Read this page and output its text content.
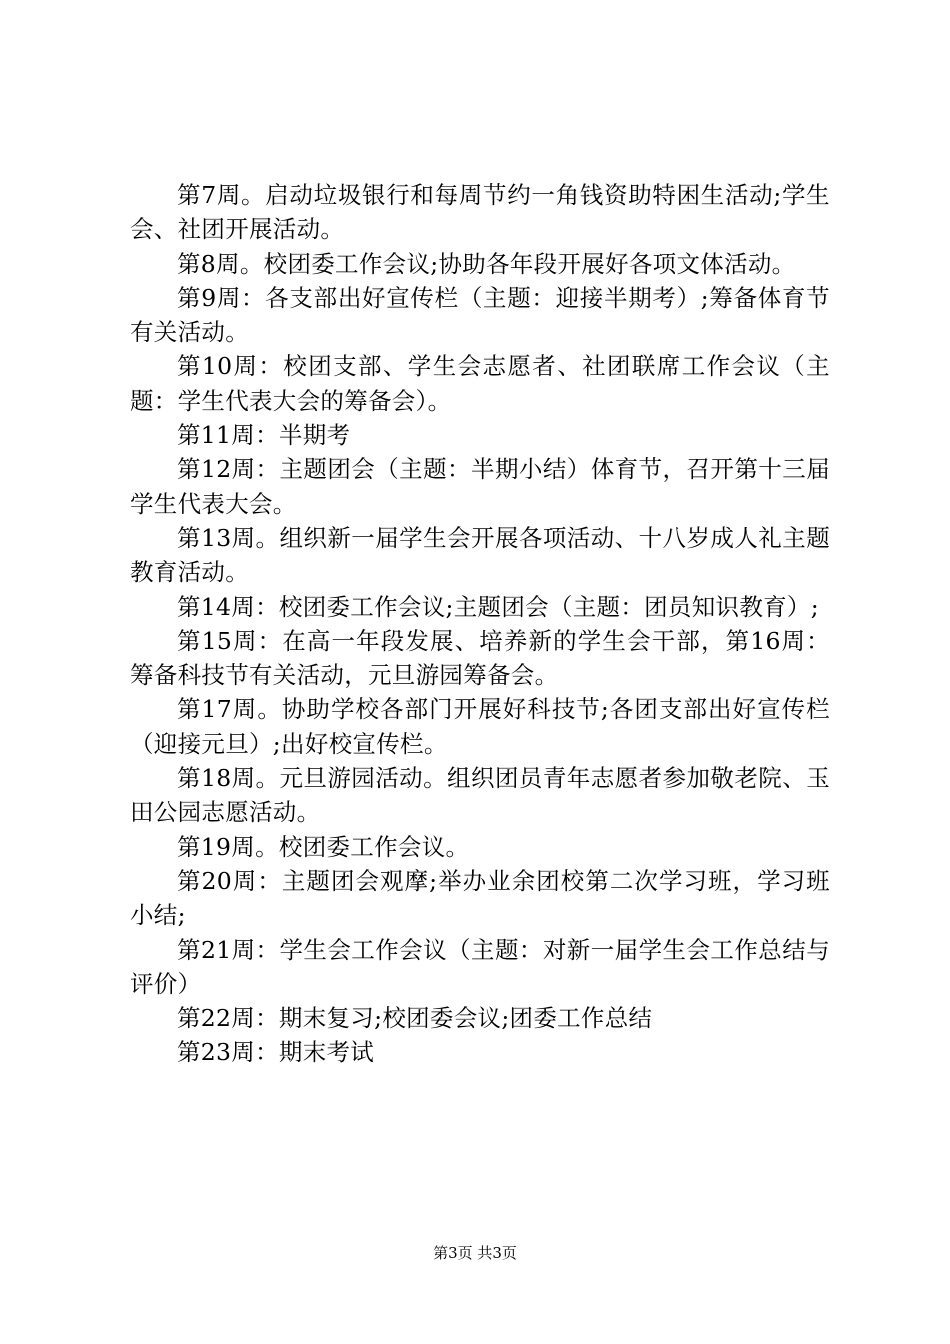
第7周。启动垃圾银行和每周节约一角钱资助特困生活动;学生会、社团开展活动。

第8周。校团委工作会议;协助各年段开展好各项文体活动。

第9周：各支部出好宣传栏（主题：迎接半期考）;筹备体育节有关活动。

第10周：校团支部、学生会志愿者、社团联席工作会议（主题：学生代表大会的筹备会）。

第11周：半期考

第12周：主题团会（主题：半期小结）体育节，召开第十三届学生代表大会。

第13周。组织新一届学生会开展各项活动、十八岁成人礼主题教育活动。

第14周：校团委工作会议;主题团会（主题：团员知识教育）;

第15周：在高一年段发展、培养新的学生会干部，第16周：筹备科技节有关活动，元旦游园筹备会。

第17周。协助学校各部门开展好科技节;各团支部出好宣传栏（迎接元旦）;出好校宣传栏。

第18周。元旦游园活动。组织团员青年志愿者参加敬老院、玉田公园志愿活动。

第19周。校团委工作会议。

第20周：主题团会观摩;举办业余团校第二次学习班，学习班小结;

第21周：学生会工作会议（主题：对新一届学生会工作总结与评价）

第22周：期末复习;校团委会议;团委工作总结

第23周：期末考试

第3页 共3页
